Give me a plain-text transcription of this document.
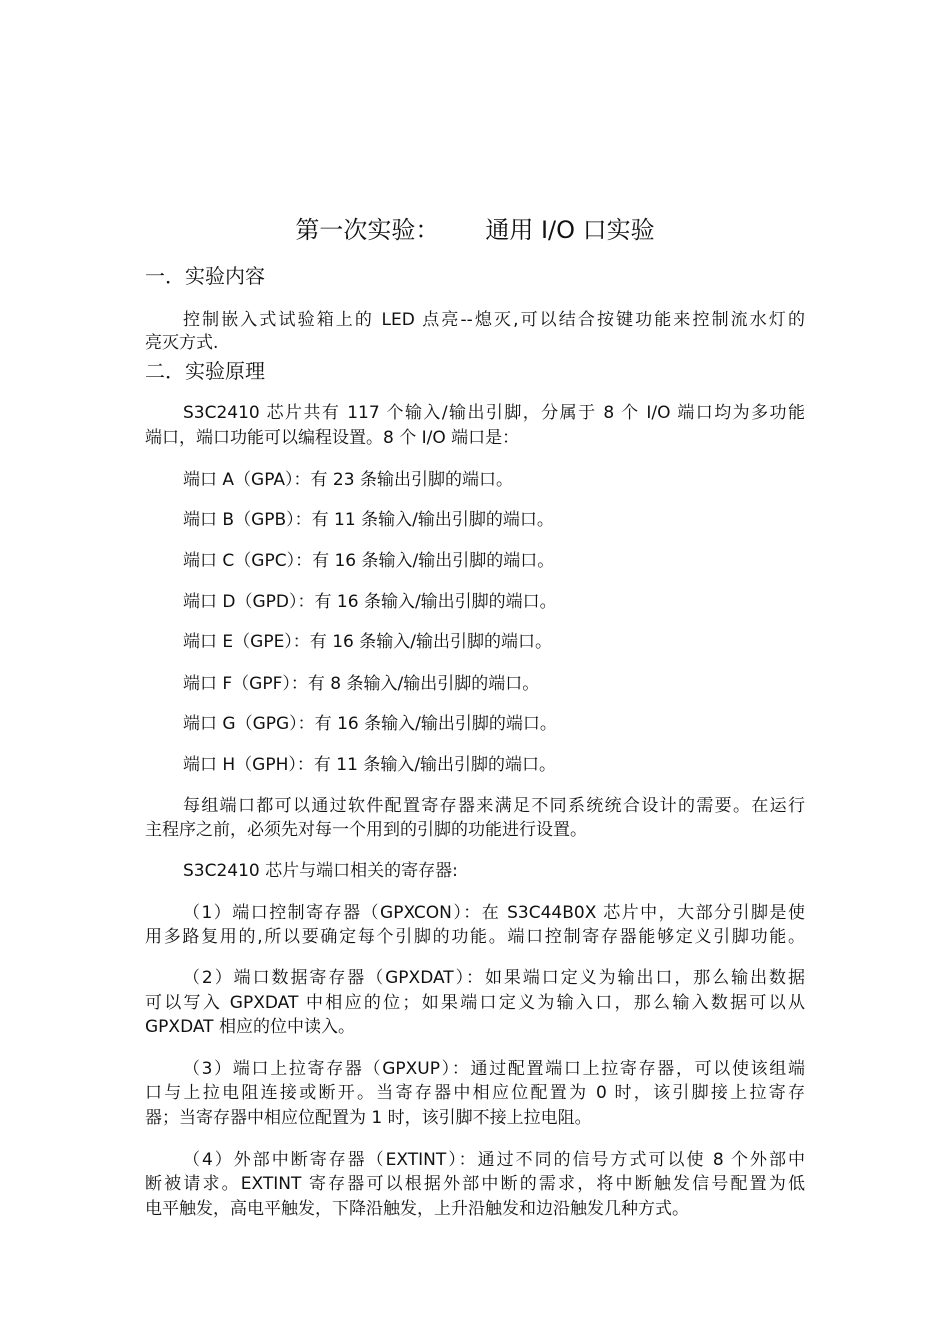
第一次实验： 通用 I/O 口实验
一．实验内容
控制嵌入式试验箱上的 LED 点亮--熄灭,可以结合按键功能来控制流水灯的
亮灭方式.
二．实验原理
S3C2410 芯片共有 117 个输入/输出引脚，分属于 8 个 I/O 端口均为多功能
端口，端口功能可以编程设置。8 个 I/O 端口是：
端口 A（GPA）：有 23 条输出引脚的端口。
端口 B（GPB）：有 11 条输入/输出引脚的端口。
端口 C（GPC）：有 16 条输入/输出引脚的端口。
端口 D（GPD）：有 16 条输入/输出引脚的端口。
端口 E（GPE）：有 16 条输入/输出引脚的端口。
端口 F（GPF）：有 8 条输入/输出引脚的端口。
端口 G（GPG）：有 16 条输入/输出引脚的端口。
端口 H（GPH）：有 11 条输入/输出引脚的端口。
每组端口都可以通过软件配置寄存器来满足不同系统统合设计的需要。在运行
主程序之前，必须先对每一个用到的引脚的功能进行设置。
S3C2410 芯片与端口相关的寄存器:
（1）端口控制寄存器（GPXCON）：在 S3C44B0X 芯片中，大部分引脚是使
用多路复用的,所以要确定每个引脚的功能。端口控制寄存器能够定义引脚功能。
（2）端口数据寄存器（GPXDAT）：如果端口定义为输出口，那么输出数据
可以写入 GPXDAT 中相应的位；如果端口定义为输入口，那么输入数据可以从
GPXDAT 相应的位中读入。
（3）端口上拉寄存器（GPXUP）：通过配置端口上拉寄存器，可以使该组端
口与上拉电阻连接或断开。当寄存器中相应位配置为 0 时，该引脚接上拉寄存
器；当寄存器中相应位配置为 1 时，该引脚不接上拉电阻。
（4）外部中断寄存器（EXTINT）：通过不同的信号方式可以使 8 个外部中
断被请求。EXTINT 寄存器可以根据外部中断的需求，将中断触发信号配置为低
电平触发，高电平触发，下降沿触发，上升沿触发和边沿触发几种方式。
